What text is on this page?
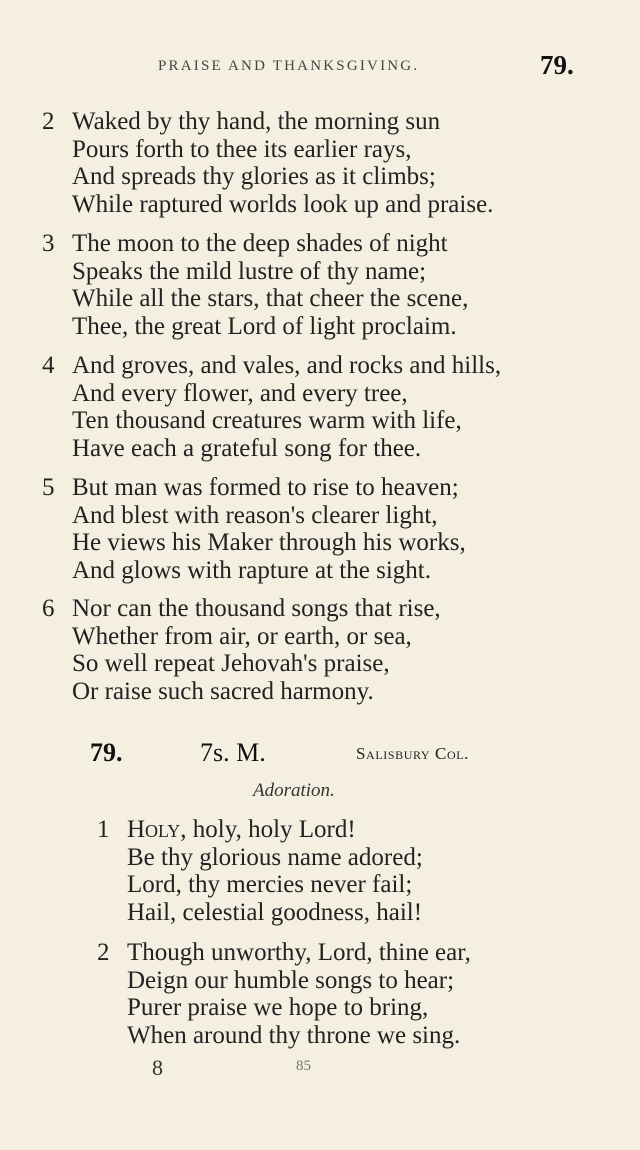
PRAISE AND THANKSGIVING.	79.
2 Waked by thy hand, the morning sun
Pours forth to thee its earlier rays,
And spreads thy glories as it climbs;
While raptured worlds look up and praise.
3 The moon to the deep shades of night
Speaks the mild lustre of thy name;
While all the stars, that cheer the scene,
Thee, the great Lord of light proclaim.
4 And groves, and vales, and rocks and hills,
And every flower, and every tree,
Ten thousand creatures warm with life,
Have each a grateful song for thee.
5 But man was formed to rise to heaven;
And blest with reason's clearer light,
He views his Maker through his works,
And glows with rapture at the sight.
6 Nor can the thousand songs that rise,
Whether from air, or earth, or sea,
So well repeat Jehovah's praise,
Or raise such sacred harmony.
79.	7s. M.	Salisbury Col.
Adoration.
1 Holy, holy, holy Lord!
Be thy glorious name adored;
Lord, thy mercies never fail;
Hail, celestial goodness, hail!
2 Though unworthy, Lord, thine ear,
Deign our humble songs to hear;
Purer praise we hope to bring,
When around thy throne we sing.
8	85
